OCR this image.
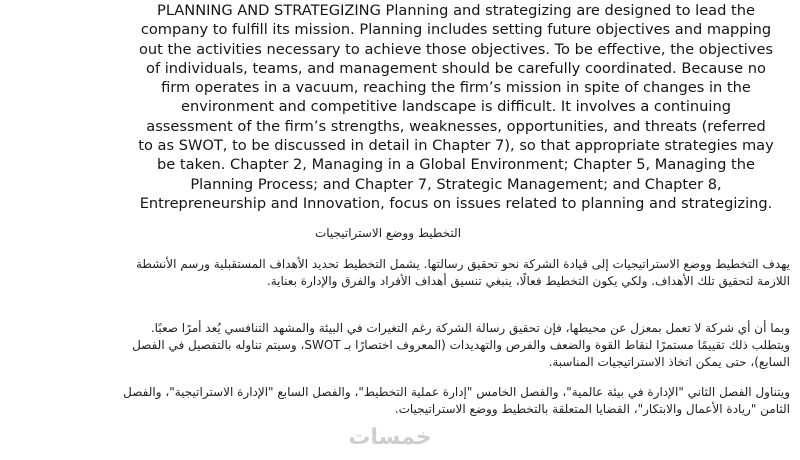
PLANNING AND STRATEGIZING Planning and strategizing are designed to lead the company to fulfill its mission. Planning includes setting future objectives and mapping out the activities necessary to achieve those objectives. To be effective, the objectives of individuals, teams, and management should be carefully coordinated. Because no firm operates in a vacuum, reaching the firm’s mission in spite of changes in the environment and competitive landscape is difficult. It involves a continuing assessment of the firm’s strengths, weaknesses, opportunities, and threats (referred to as SWOT, to be discussed in detail in Chapter 7), so that appropriate strategies may be taken. Chapter 2, Managing in a Global Environment; Chapter 5, Managing the Planning Process; and Chapter 7, Strategic Management; and Chapter 8, Entrepreneurship and Innovation, focus on issues related to planning and strategizing.
التخطيط ووضع الاستراتيجيات

يهدف التخطيط ووضع الاستراتيجيات إلى قيادة الشركة نحو تحقيق رسالتها. يشمل التخطيط تحديد الأهداف المستقبلية ورسم الأنشطة اللازمة لتحقيق تلك الأهداف. ولكي يكون التخطيط فعالًا، ينبغي تنسيق أهداف الأفراد والفرق والإدارة بعناية.

وبما أن أي شركة لا تعمل بمعزل عن محيطها، فإن تحقيق رسالة الشركة رغم التغيرات في البيئة والمشهد التنافسي يُعد أمرًا صعبًا. ويتطلب ذلك تقييمًا مستمرًا لنقاط القوة والضعف والفرص والتهديدات (المعروف اختصارًا بـ SWOT، وسيتم تناوله بالتفصيل في الفصل السابع)، حتى يمكن اتخاذ الاستراتيجيات المناسبة.

ويتناول الفصل الثاني "الإدارة في بيئة عالمية"، والفصل الخامس "إدارة عملية التخطيط"، والفصل السابع "الإدارة الاستراتيجية"، والفصل الثامن "ريادة الأعمال والابتكار"، القضايا المتعلقة بالتخطيط ووضع الاستراتيجيات.

خمسات
